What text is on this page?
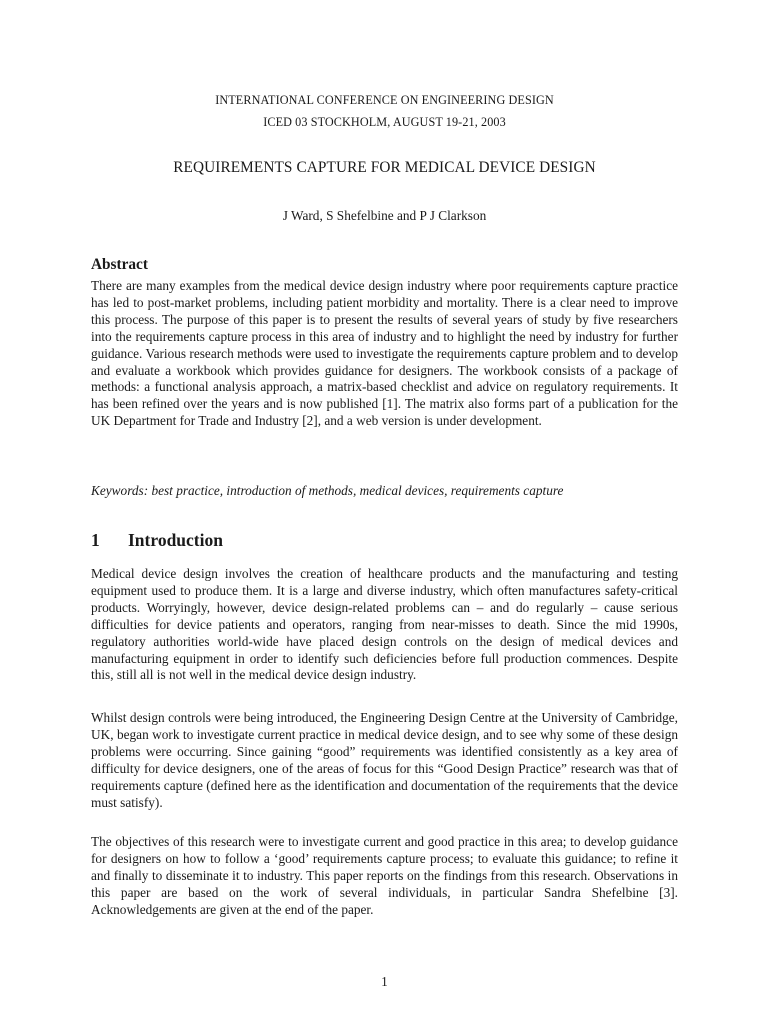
INTERNATIONAL CONFERENCE ON ENGINEERING DESIGN
ICED 03 STOCKHOLM, AUGUST 19-21, 2003
REQUIREMENTS CAPTURE FOR MEDICAL DEVICE DESIGN
J Ward, S Shefelbine and P J Clarkson
Abstract

There are many examples from the medical device design industry where poor requirements capture practice has led to post-market problems, including patient morbidity and mortality. There is a clear need to improve this process. The purpose of this paper is to present the results of several years of study by five researchers into the requirements capture process in this area of industry and to highlight the need by industry for further guidance. Various research methods were used to investigate the requirements capture problem and to develop and evaluate a workbook which provides guidance for designers. The workbook consists of a package of methods: a functional analysis approach, a matrix-based checklist and advice on regulatory requirements. It has been refined over the years and is now published [1]. The matrix also forms part of a publication for the UK Department for Trade and Industry [2], and a web version is under development.

Keywords: best practice, introduction of methods, medical devices, requirements capture
1 Introduction

Medical device design involves the creation of healthcare products and the manufacturing and testing equipment used to produce them. It is a large and diverse industry, which often manufactures safety-critical products. Worryingly, however, device design-related problems can – and do regularly – cause serious difficulties for device patients and operators, ranging from near-misses to death. Since the mid 1990s, regulatory authorities world-wide have placed design controls on the design of medical devices and manufacturing equipment in order to identify such deficiencies before full production commences. Despite this, still all is not well in the medical device design industry.

Whilst design controls were being introduced, the Engineering Design Centre at the University of Cambridge, UK, began work to investigate current practice in medical device design, and to see why some of these design problems were occurring. Since gaining “good” requirements was identified consistently as a key area of difficulty for device designers, one of the areas of focus for this “Good Design Practice” research was that of requirements capture (defined here as the identification and documentation of the requirements that the device must satisfy).

The objectives of this research were to investigate current and good practice in this area; to develop guidance for designers on how to follow a ‘good’ requirements capture process; to evaluate this guidance; to refine it and finally to disseminate it to industry. This paper reports on the findings from this research. Observations in this paper are based on the work of several individuals, in particular Sandra Shefelbine [3]. Acknowledgements are given at the end of the paper.

1
